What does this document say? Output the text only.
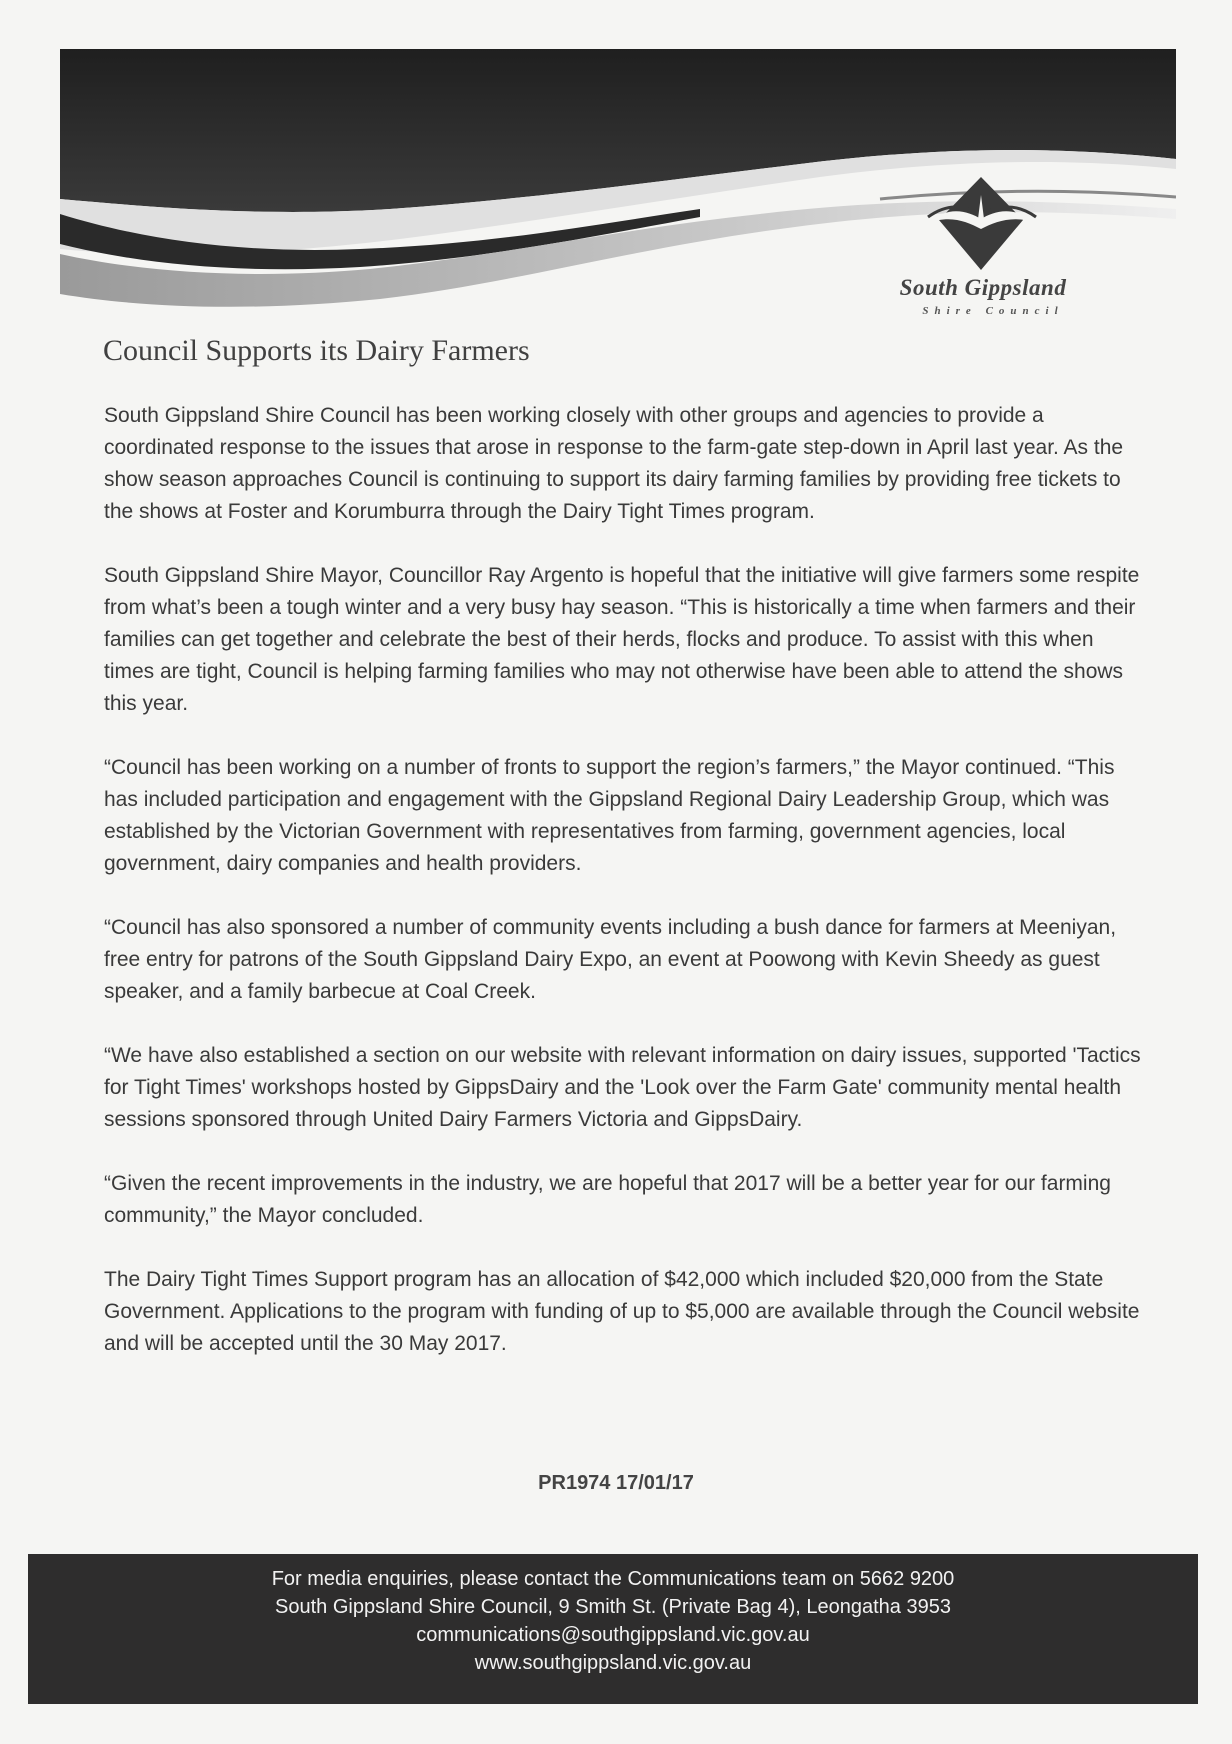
South Gippsland
Shire Council
Council Supports its Dairy Farmers

South Gippsland Shire Council has been working closely with other groups and agencies to provide a coordinated response to the issues that arose in response to the farm-gate step-down in April last year. As the show season approaches Council is continuing to support its dairy farming families by providing free tickets to the shows at Foster and Korumburra through the Dairy Tight Times program.

South Gippsland Shire Mayor, Councillor Ray Argento is hopeful that the initiative will give farmers some respite from what’s been a tough winter and a very busy hay season. “This is historically a time when farmers and their families can get together and celebrate the best of their herds, flocks and produce. To assist with this when times are tight, Council is helping farming families who may not otherwise have been able to attend the shows this year.

“Council has been working on a number of fronts to support the region’s farmers,” the Mayor continued. “This has included participation and engagement with the Gippsland Regional Dairy Leadership Group, which was established by the Victorian Government with representatives from farming, government agencies, local government, dairy companies and health providers.

“Council has also sponsored a number of community events including a bush dance for farmers at Meeniyan, free entry for patrons of the South Gippsland Dairy Expo, an event at Poowong with Kevin Sheedy as guest speaker, and a family barbecue at Coal Creek.

“We have also established a section on our website with relevant information on dairy issues, supported 'Tactics for Tight Times' workshops hosted by GippsDairy and the 'Look over the Farm Gate' community mental health sessions sponsored through United Dairy Farmers Victoria and GippsDairy.

“Given the recent improvements in the industry, we are hopeful that 2017 will be a better year for our farming community,” the Mayor concluded.

The Dairy Tight Times Support program has an allocation of $42,000 which included $20,000 from the State Government. Applications to the program with funding of up to $5,000 are available through the Council website and will be accepted until the 30 May 2017.

PR1974 17/01/17
For media enquiries, please contact the Communications team on 5662 9200
South Gippsland Shire Council, 9 Smith St. (Private Bag 4), Leongatha 3953
communications@southgippsland.vic.gov.au
www.southgippsland.vic.gov.au
